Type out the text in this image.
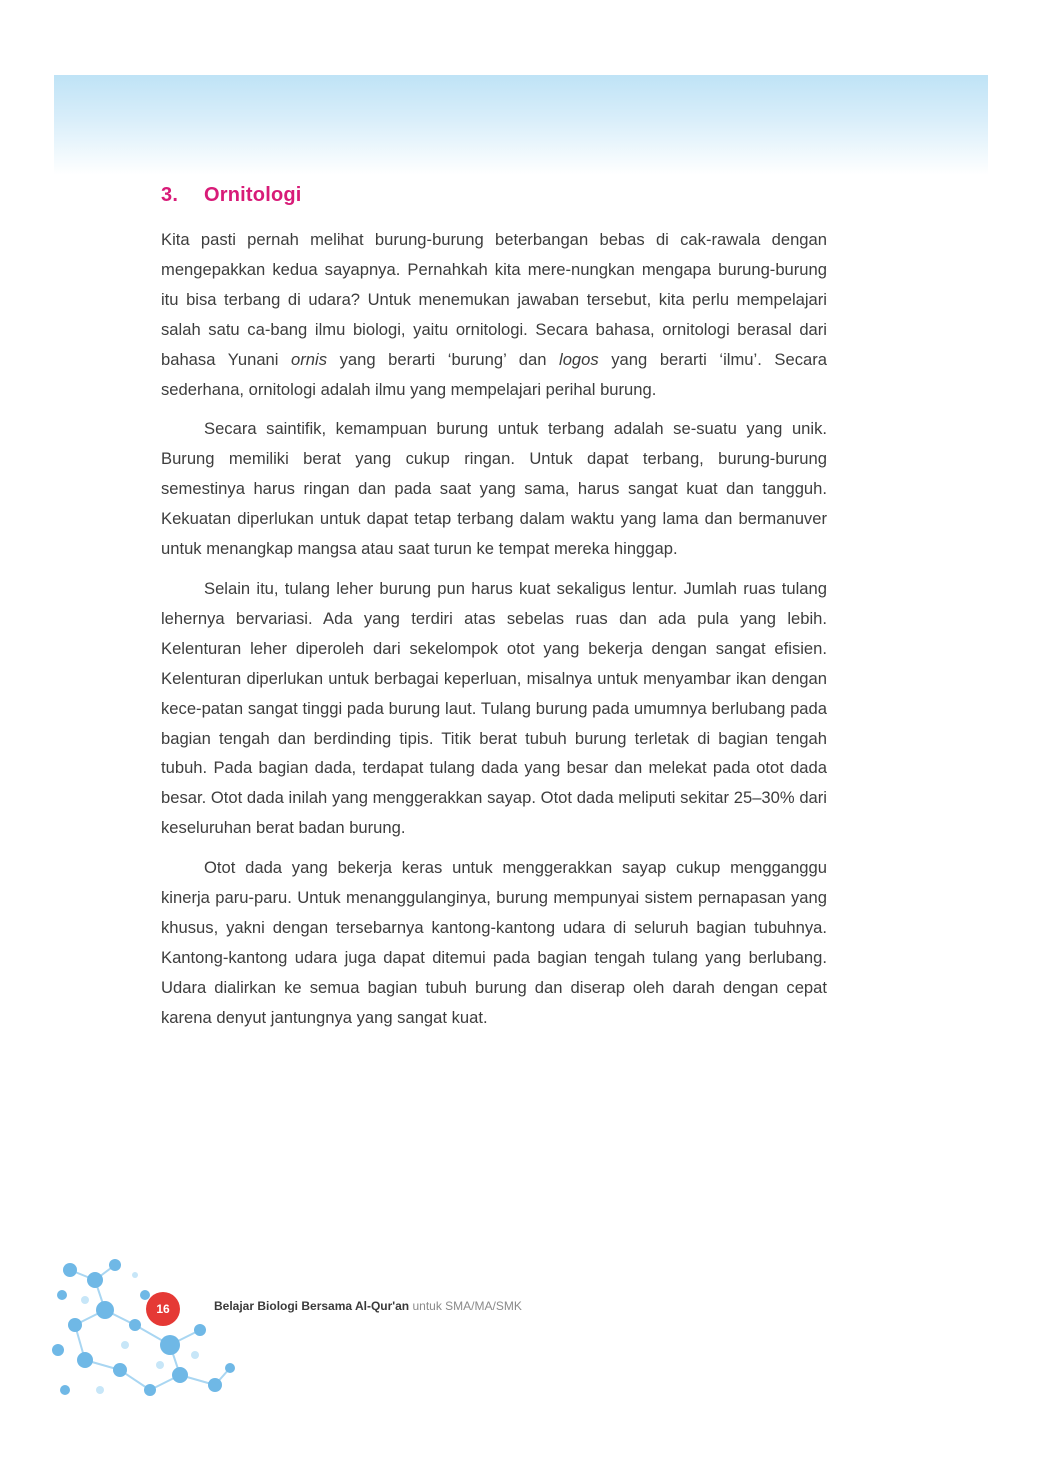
3. Ornitologi

Kita pasti pernah melihat burung-burung beterbangan bebas di cak-rawala dengan mengepakkan kedua sayapnya. Pernahkah kita mere-nungkan mengapa burung-burung itu bisa terbang di udara? Untuk menemukan jawaban tersebut, kita perlu mempelajari salah satu ca-bang ilmu biologi, yaitu ornitologi. Secara bahasa, ornitologi berasal dari bahasa Yunani ornis yang berarti ‘burung’ dan logos yang berarti ‘ilmu’. Secara sederhana, ornitologi adalah ilmu yang mempelajari perihal burung.

Secara saintifik, kemampuan burung untuk terbang adalah se-suatu yang unik. Burung memiliki berat yang cukup ringan. Untuk dapat terbang, burung-burung semestinya harus ringan dan pada saat yang sama, harus sangat kuat dan tangguh. Kekuatan diperlukan untuk dapat tetap terbang dalam waktu yang lama dan bermanuver untuk menangkap mangsa atau saat turun ke tempat mereka hinggap.

Selain itu, tulang leher burung pun harus kuat sekaligus lentur. Jumlah ruas tulang lehernya bervariasi. Ada yang terdiri atas sebelas ruas dan ada pula yang lebih. Kelenturan leher diperoleh dari sekelompok otot yang bekerja dengan sangat efisien. Kelenturan diperlukan untuk berbagai keperluan, misalnya untuk menyambar ikan dengan kece-patan sangat tinggi pada burung laut. Tulang burung pada umumnya berlubang pada bagian tengah dan berdinding tipis. Titik berat tubuh burung terletak di bagian tengah tubuh. Pada bagian dada, terdapat tulang dada yang besar dan melekat pada otot dada besar. Otot dada inilah yang menggerakkan sayap. Otot dada meliputi sekitar 25–30% dari keseluruhan berat badan burung.

Otot dada yang bekerja keras untuk menggerakkan sayap cukup mengganggu kinerja paru-paru. Untuk menanggulanginya, burung mempunyai sistem pernapasan yang khusus, yakni dengan tersebarnya kantong-kantong udara di seluruh bagian tubuhnya. Kantong-kantong udara juga dapat ditemui pada bagian tengah tulang yang berlubang. Udara dialirkan ke semua bagian tubuh burung dan diserap oleh darah dengan cepat karena denyut jantungnya yang sangat kuat.

16	Belajar Biologi Bersama Al-Qur'an untuk SMA/MA/SMK
